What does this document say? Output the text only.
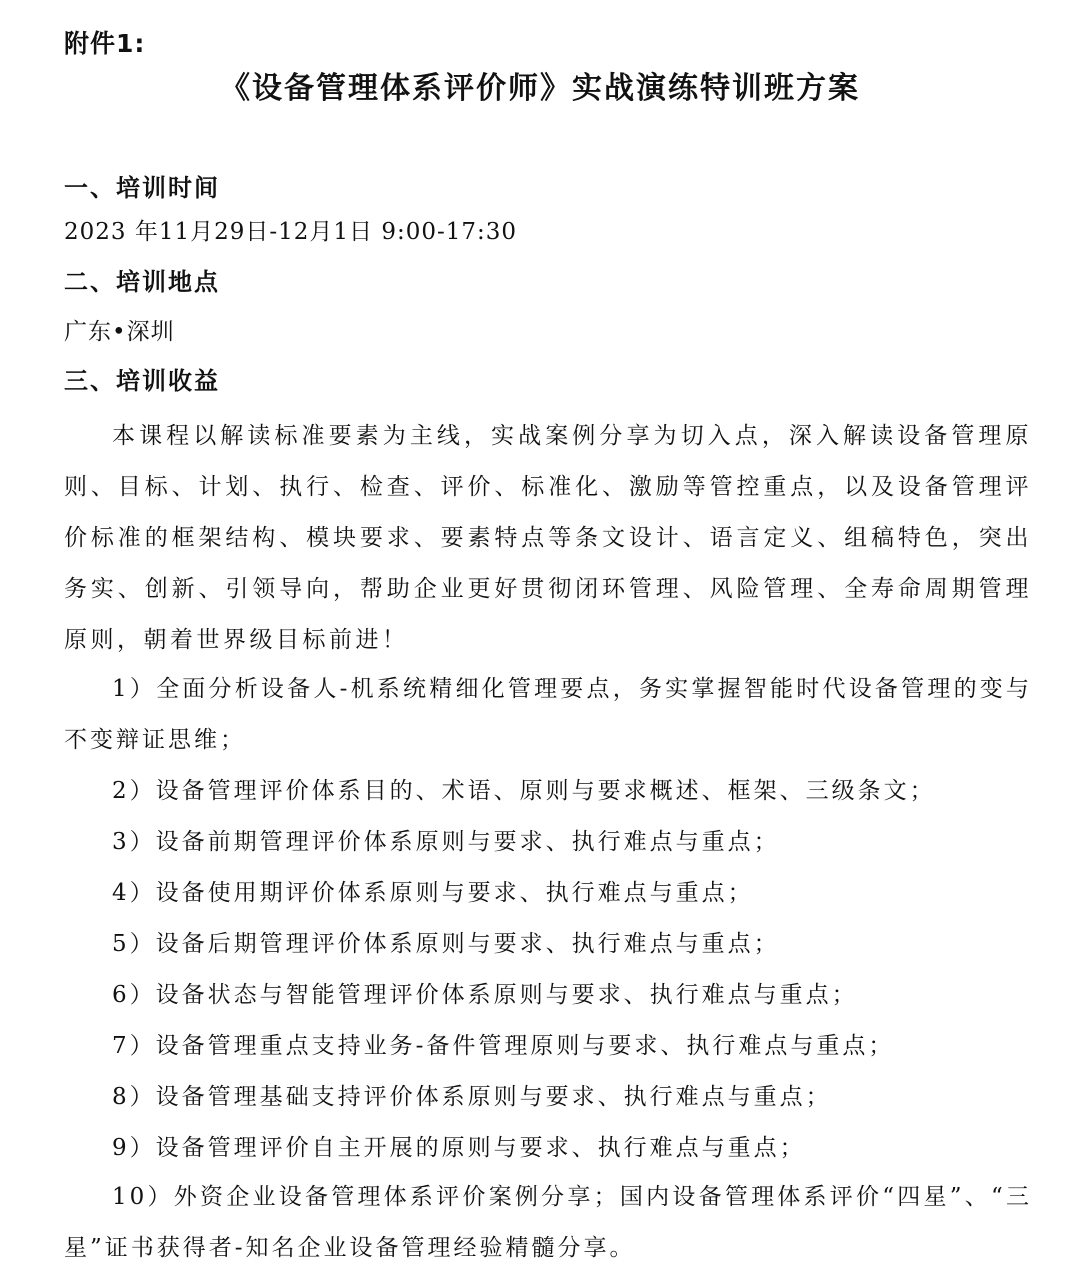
附件1:
《设备管理体系评价师》实战演练特训班方案
一、培训时间
2023 年11月29日-12月1日 9:00-17:30
二、培训地点
广东•深圳
三、培训收益
本课程以解读标准要素为主线，实战案例分享为切入点，深入解读设备管理原则、目标、计划、执行、检查、评价、标准化、激励等管控重点，以及设备管理评价标准的框架结构、模块要求、要素特点等条文设计、语言定义、组稿特色，突出务实、创新、引领导向，帮助企业更好贯彻闭环管理、风险管理、全寿命周期管理原则，朝着世界级目标前进！
1）全面分析设备人-机系统精细化管理要点，务实掌握智能时代设备管理的变与不变辩证思维；
2）设备管理评价体系目的、术语、原则与要求概述、框架、三级条文；
3）设备前期管理评价体系原则与要求、执行难点与重点；
4）设备使用期评价体系原则与要求、执行难点与重点；
5）设备后期管理评价体系原则与要求、执行难点与重点；
6）设备状态与智能管理评价体系原则与要求、执行难点与重点；
7）设备管理重点支持业务-备件管理原则与要求、执行难点与重点；
8）设备管理基础支持评价体系原则与要求、执行难点与重点；
9）设备管理评价自主开展的原则与要求、执行难点与重点；
10）外资企业设备管理体系评价案例分享；国内设备管理体系评价“四星”、“三星”证书获得者-知名企业设备管理经验精髓分享。
